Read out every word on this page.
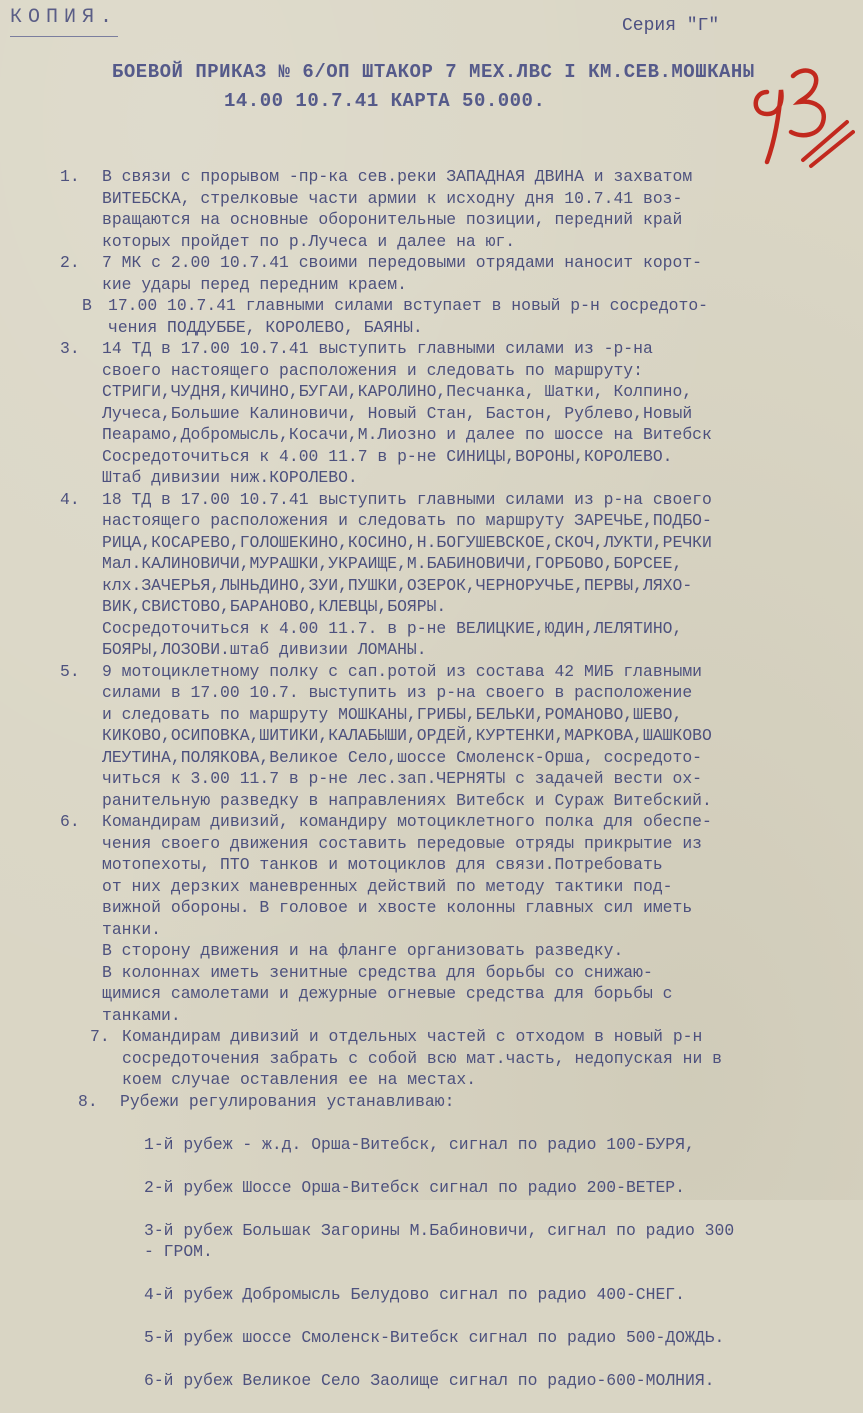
КОПИЯ.	Серия "Г"
БОЕВОЙ ПРИКАЗ № 6/ОП ШТАКОР 7 МЕХ.ЛВС I КМ.СЕВ.МОШКАНЫ
14.00 10.7.41 КАРТА 50.000.
1. В связи с прорывом -пр-ка сев.реки ЗАПАДНАЯ ДВИНА и захватом
ВИТЕБСКА, стрелковые части армии к исходну дня 10.7.41 воз-
вращаются на основные оборонительные позиции, передний край
которых пройдет по р.Лучеса и далее на юг.
2. 7 МК с 2.00 10.7.41 своими передовыми отрядами наносит корот-
кие удары перед передним краем.
В 17.00 10.7.41 главными силами вступает в новый р-н сосредото-
чения ПОДДУББЕ, КОРОЛЕВО, БАЯНЫ.
3. 14 ТД в 17.00 10.7.41 выступить главными силами из -р-на
своего настоящего расположения и следовать по маршруту:
СТРИГИ,ЧУДНЯ,КИЧИНО,БУГАИ,КАРОЛИНО,Песчанка, Шатки, Колпино,
Лучеса,Большие Калиновичи, Новый Стан, Бастон, Рублево,Новый
Пеарамо,Добромысль,Косачи,М.Лиозно и далее по шоссе на Витебск
Сосредоточиться к 4.00 11.7 в р-не СИНИЦЫ,ВОРОНЫ,КОРОЛЕВО.
Штаб дивизии ниж.КОРОЛЕВО.
4. 18 ТД в 17.00 10.7.41 выступить главными силами из р-на своего
настоящего расположения и следовать по маршруту ЗАРЕЧЬЕ,ПОДБО-
РИЦА,КОСАРЕВО,ГОЛОШЕКИНО,КОСИНО,Н.БОГУШЕВСКОЕ,СКОЧ,ЛУКТИ,РЕЧКИ
Мал.КАЛИНОВИЧИ,МУРАШКИ,УКРАИЩЕ,М.БАБИНОВИЧИ,ГОРБОВО,БОРСЕЕ,
клх.ЗАЧЕРЬЯ,ЛЫНЬДИНО,ЗУИ,ПУШКИ,ОЗЕРОК,ЧЕРНОРУЧЬЕ,ПЕРВЫ,ЛЯХО-
ВИК,СВИСТОВО,БАРАНОВО,КЛЕВЦЫ,БОЯРЫ.
Сосредоточиться к 4.00 11.7. в р-не ВЕЛИЦКИЕ,ЮДИН,ЛЕЛЯТИНО,
БОЯРЫ,ЛОЗОВИ.штаб дивизии ЛОМАНЫ.
5. 9 мотоциклетному полку с сап.ротой из состава 42 МИБ главными
силами в 17.00 10.7. выступить из р-на своего в расположение
и следовать по маршруту МОШКАНЫ,ГРИБЫ,БЕЛЬКИ,РОМАНОВО,ШЕВО,
КИКОВО,ОСИПОВКА,ШИТИКИ,КАЛАБЫШИ,ОРДЕЙ,КУРТЕНКИ,МАРКОВА,ШАШКОВО
ЛЕУТИНА,ПОЛЯКОВА,Великое Село,шоссе Смоленск-Орша, сосредото-
читься к 3.00 11.7 в р-не лес.зап.ЧЕРНЯТЫ с задачей вести ох-
ранительную разведку в направлениях Витебск и Сураж Витебский.
6. Командирам дивизий, командиру мотоциклетного полка для обеспе-
чения своего движения составить передовые отряды прикрытие из
мотопехоты, ПТО танков и мотоциклов для связи.Потребовать
от них дерзких маневренных действий по методу тактики под-
вижной обороны. В головое и хвосте колонны главных сил иметь
танки.
В сторону движения и на фланге организовать разведку.
В колоннах иметь зенитные средства для борьбы со снижаю-
щимися самолетами и дежурные огневые средства для борьбы с
танками.
7. Командирам дивизий и отдельных частей с отходом в новый р-н
сосредоточения забрать с собой всю мат.часть, недопуская ни в
коем случае оставления ее на местах.
8. Рубежи регулирования устанавливаю:

1-й рубеж - ж.д. Орша-Витебск, сигнал по радио 100-БУРЯ,

2-й рубеж Шоссе Орша-Витебск сигнал по радио 200-ВЕТЕР.

3-й рубеж Большак Загорины М.Бабиновичи, сигнал по радио 300
- ГРОМ.

4-й рубеж Добромысль Белудово сигнал по радио 400-СНЕГ.

5-й рубеж шоссе Смоленск-Витебск сигнал по радио 500-ДОЖДЬ.

6-й рубеж Великое Село Заолище сигнал по радио-600-МОЛНИЯ.
